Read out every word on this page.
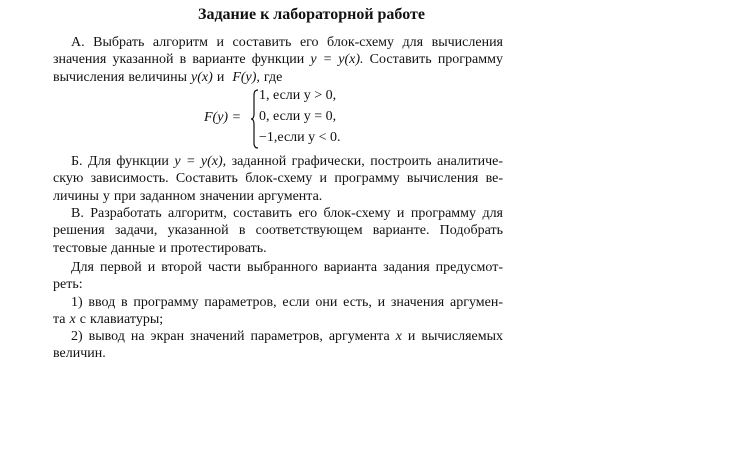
Задание к лабораторной работе
А. Выбрать алгоритм и составить его блок-схему для вычисления
значения указанной в варианте функции y = y(x). Составить программу
вычисления величины y(x) и F(y), где
F(y) =
1, если y > 0,
0, если y = 0,
−1,если y < 0.
Б. Для функции y = y(x), заданной графически, построить аналитиче-
скую зависимость. Составить блок-схему и программу вычисления ве-
личины y при заданном значении аргумента.
В. Разработать алгоритм, составить его блок-схему и программу для
решения задачи, указанной в соответствующем варианте. Подобрать
тестовые данные и протестировать.
Для первой и второй части выбранного варианта задания предусмот-
реть:
1) ввод в программу параметров, если они есть, и значения аргумен-
та x с клавиатуры;
2) вывод на экран значений параметров, аргумента x и вычисляемых
величин.
